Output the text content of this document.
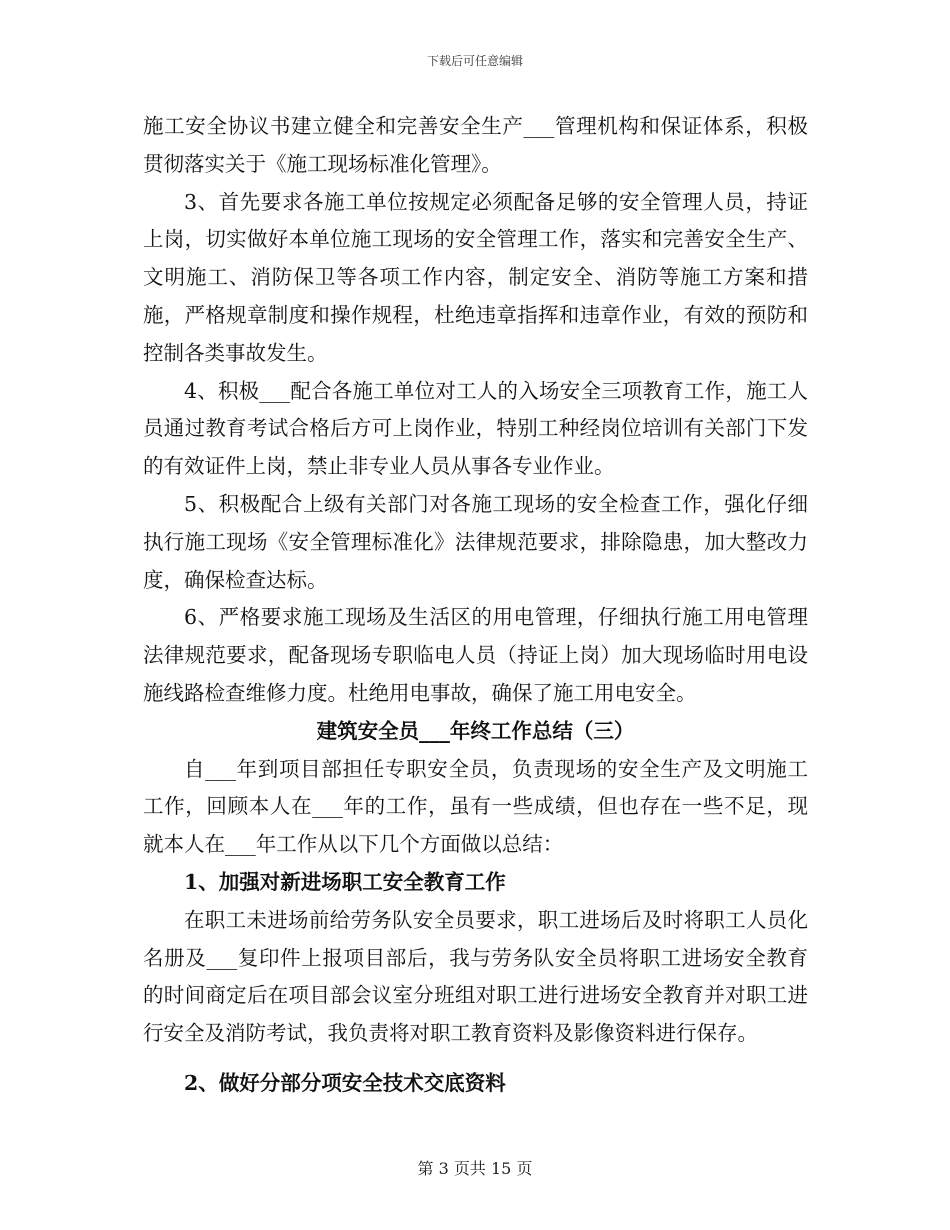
下载后可任意编辑

施工安全协议书建立健全和完善安全生产___管理机构和保证体系，积极贯彻落实关于《施工现场标准化管理》。

3、首先要求各施工单位按规定必须配备足够的安全管理人员，持证上岗，切实做好本单位施工现场的安全管理工作，落实和完善安全生产、文明施工、消防保卫等各项工作内容，制定安全、消防等施工方案和措施，严格规章制度和操作规程，杜绝违章指挥和违章作业，有效的预防和控制各类事故发生。

4、积极___配合各施工单位对工人的入场安全三项教育工作，施工人员通过教育考试合格后方可上岗作业，特别工种经岗位培训有关部门下发的有效证件上岗，禁止非专业人员从事各专业作业。

5、积极配合上级有关部门对各施工现场的安全检查工作，强化仔细执行施工现场《安全管理标准化》法律规范要求，排除隐患，加大整改力度，确保检查达标。

6、严格要求施工现场及生活区的用电管理，仔细执行施工用电管理法律规范要求，配备现场专职临电人员（持证上岗）加大现场临时用电设施线路检查维修力度。杜绝用电事故，确保了施工用电安全。

建筑安全员___年终工作总结（三）

自___年到项目部担任专职安全员，负责现场的安全生产及文明施工工作，回顾本人在___年的工作，虽有一些成绩，但也存在一些不足，现就本人在___年工作从以下几个方面做以总结：

1、加强对新进场职工安全教育工作

在职工未进场前给劳务队安全员要求，职工进场后及时将职工人员化名册及___复印件上报项目部后，我与劳务队安全员将职工进场安全教育的时间商定后在项目部会议室分班组对职工进行进场安全教育并对职工进行安全及消防考试，我负责将对职工教育资料及影像资料进行保存。

2、做好分部分项安全技术交底资料

第 3 页共 15 页
